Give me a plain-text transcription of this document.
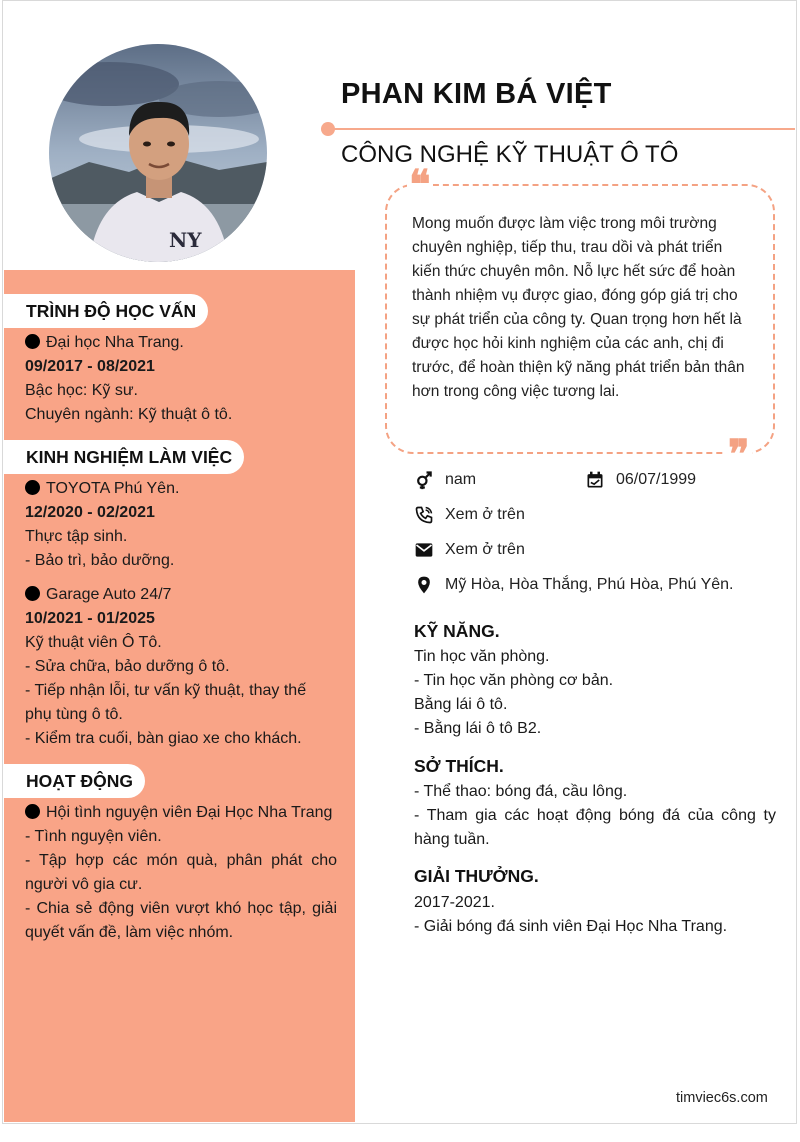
NY
PHAN KIM BÁ VIỆT
CÔNG NGHỆ KỸ THUẬT Ô TÔ
❝
❞
Mong muốn được làm việc trong môi trường chuyên nghiệp, tiếp thu, trau dồi và phát triển kiến thức chuyên môn. Nỗ lực hết sức để hoàn thành nhiệm vụ được giao, đóng góp giá trị cho sự phát triển của công ty. Quan trọng hơn hết là được học hỏi kinh nghiệm của các anh, chị đi trước, để hoàn thiện kỹ năng phát triển bản thân hơn trong công việc tương lai.
nam	06/07/1999
Xem ở trên
Xem ở trên
Mỹ Hòa, Hòa Thắng, Phú Hòa, Phú Yên.
TRÌNH ĐỘ HỌC VẤN
Đại học Nha Trang.
09/2017 - 08/2021
Bậc học: Kỹ sư.
Chuyên ngành: Kỹ thuật ô tô.
KINH NGHIỆM LÀM VIỆC
TOYOTA Phú Yên.
12/2020 - 02/2021
Thực tập sinh.
- Bảo trì, bảo dưỡng.
Garage Auto 24/7
10/2021 - 01/2025
Kỹ thuật viên Ô Tô.
- Sửa chữa, bảo dưỡng ô tô.
- Tiếp nhận lỗi, tư vấn kỹ thuật, thay thế phụ tùng ô tô.
- Kiểm tra cuối, bàn giao xe cho khách.
HOẠT ĐỘNG
Hội tình nguyện viên Đại Học Nha Trang
- Tình nguyện viên.
- Tập hợp các món quà, phân phát cho người vô gia cư.
- Chia sẻ động viên vượt khó học tập, giải quyết vấn đề, làm việc nhóm.
KỸ NĂNG.
Tin học văn phòng.
- Tin học văn phòng cơ bản.
Bằng lái ô tô.
- Bằng lái ô tô B2.
SỞ THÍCH.
- Thể thao: bóng đá, cầu lông.
- Tham gia các hoạt động bóng đá của công ty hàng tuần.
GIẢI THƯỞNG.
2017-2021.
- Giải bóng đá sinh viên Đại Học Nha Trang.
timviec6s.com
